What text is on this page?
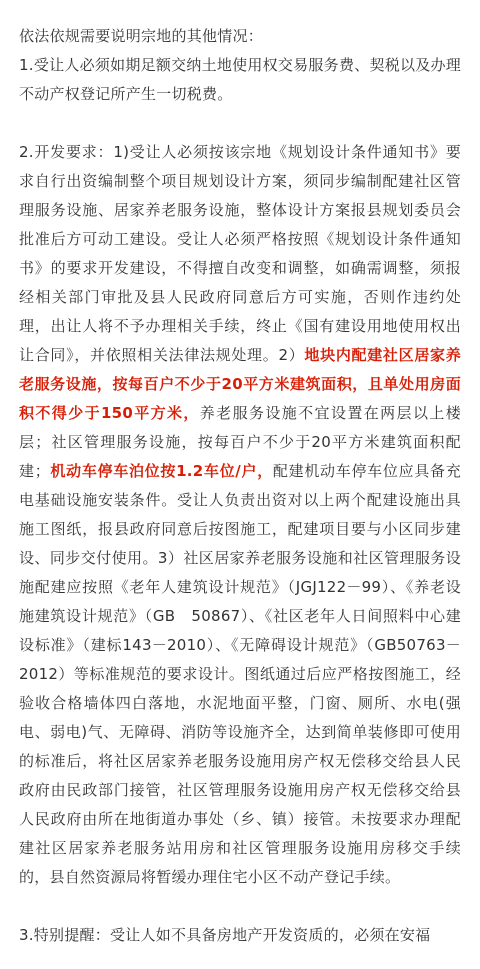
依法依规需要说明宗地的其他情况：

1.受让人必须如期足额交纳土地使用权交易服务费、契税以及办理不动产权登记所产生一切税费。

2.开发要求：1)受让人必须按该宗地《规划设计条件通知书》要求自行出资编制整个项目规划设计方案，须同步编制配建社区管理服务设施、居家养老服务设施，整体设计方案报县规划委员会批准后方可动工建设。受让人必须严格按照《规划设计条件通知书》的要求开发建设，不得擅自改变和调整，如确需调整，须报经相关部门审批及县人民政府同意后方可实施，否则作违约处理，出让人将不予办理相关手续，终止《国有建设用地使用权出让合同》，并依照相关法律法规处理。2）地块内配建社区居家养老服务设施，按每百户不少于20平方米建筑面积，且单处用房面积不得少于150平方米，养老服务设施不宜设置在两层以上楼层；社区管理服务设施，按每百户不少于20平方米建筑面积配建；机动车停车泊位按1.2车位/户，配建机动车停车位应具备充电基础设施安装条件。受让人负责出资对以上两个配建设施出具施工图纸，报县政府同意后按图施工，配建项目要与小区同步建设、同步交付使用。3）社区居家养老服务设施和社区管理服务设施配建应按照《老年人建筑设计规范》（JGJ122－99）、《养老设施建筑设计规范》（GB　50867）、《社区老年人日间照料中心建设标准》（建标143－2010）、《无障碍设计规范》（GB50763－2012）等标准规范的要求设计。图纸通过后应严格按图施工，经验收合格墙体四白落地，水泥地面平整，门窗、厕所、水电(强电、弱电)气、无障碍、消防等设施齐全，达到简单装修即可使用的标准后，将社区居家养老服务设施用房产权无偿移交给县人民政府由民政部门接管，社区管理服务设施用房产权无偿移交给县人民政府由所在地街道办事处（乡、镇）接管。未按要求办理配建社区居家养老服务站用房和社区管理服务设施用房移交手续的，县自然资源局将暂缓办理住宅小区不动产登记手续。

3.特别提醒：受让人如不具备房地产开发资质的，必须在安福
